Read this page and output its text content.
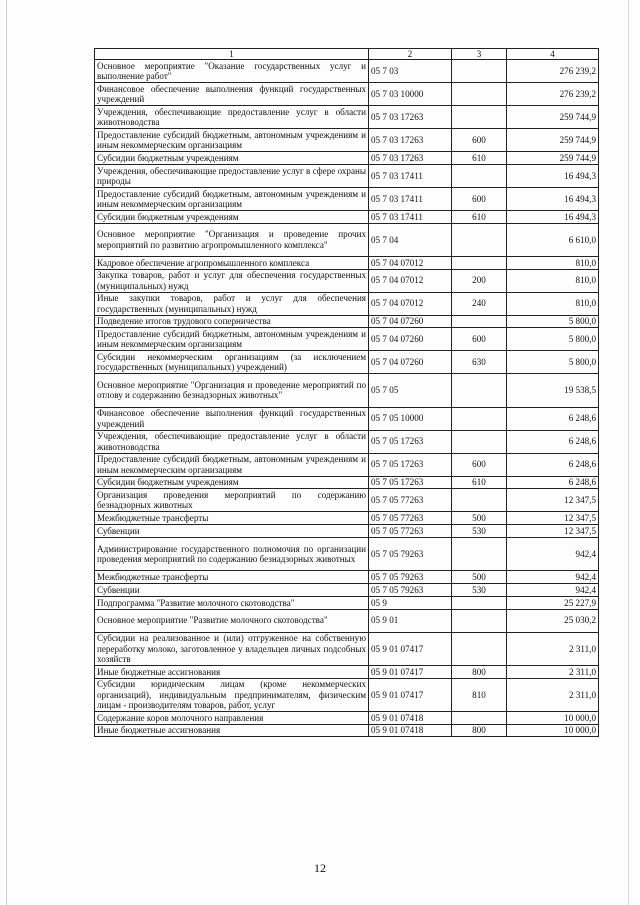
1	2	3	4
Основное мероприятие "Оказание государственных услуг и выполнение работ"	05 7 03		276 239,2
Финансовое обеспечение выполнения функций государственных учреждений	05 7 03 10000		276 239,2
Учреждения, обеспечивающие предоставление услуг в области животноводства	05 7 03 17263		259 744,9
Предоставление субсидий бюджетным, автономным учреждениям и иным некоммерческим организациям	05 7 03 17263	600	259 744,9
Субсидии бюджетным учреждениям	05 7 03 17263	610	259 744,9
Учреждения, обеспечивающие предоставление услуг в сфере охраны природы	05 7 03 17411		16 494,3
Предоставление субсидий бюджетным, автономным учреждениям и иным некоммерческим организациям	05 7 03 17411	600	16 494,3
Субсидии бюджетным учреждениям	05 7 03 17411	610	16 494,3
Основное мероприятие "Организация и проведение прочих мероприятий по развитию агропромышленного комплекса"	05 7 04		6 610,0
Кадровое обеспечение агропромышленного комплекса	05 7 04 07012		810,0
Закупка товаров, работ и услуг для обеспечения государственных (муниципальных) нужд	05 7 04 07012	200	810,0
Иные закупки товаров, работ и услуг для обеспечения государственных (муниципальных) нужд	05 7 04 07012	240	810,0
Подведение итогов трудового соперничества	05 7 04 07260		5 800,0
Предоставление субсидий бюджетным, автономным учреждениям и иным некоммерческим организациям	05 7 04 07260	600	5 800,0
Субсидии некоммерческим организациям (за исключением государственных (муниципальных) учреждений)	05 7 04 07260	630	5 800,0
Основное мероприятие "Организация и проведение мероприятий по отлову и содержанию безнадзорных животных"	05 7 05		19 538,5
Финансовое обеспечение выполнения функций государственных учреждений	05 7 05 10000		6 248,6
Учреждения, обеспечивающие предоставление услуг в области животноводства	05 7 05 17263		6 248,6
Предоставление субсидий бюджетным, автономным учреждениям и иным некоммерческим организациям	05 7 05 17263	600	6 248,6
Субсидии бюджетным учреждениям	05 7 05 17263	610	6 248,6
Организация проведения мероприятий по содержанию безнадзорных животных	05 7 05 77263		12 347,5
Межбюджетные трансферты	05 7 05 77263	500	12 347,5
Субвенции	05 7 05 77263	530	12 347,5
Администрирование государственного полномочия по организации проведения мероприятий по содержанию безнадзорных животных	05 7 05 79263		942,4
Межбюджетные трансферты	05 7 05 79263	500	942,4
Субвенции	05 7 05 79263	530	942,4
Подпрограмма "Развитие молочного скотоводства"	05 9		25 227,9
Основное мероприятие "Развитие молочного скотоводства"	05 9 01		25 030,2
Субсидии на реализованное и (или) отгруженное на собственную переработку молоко, заготовленное у владельцев личных подсобных хозяйств	05 9 01 07417		2 311,0
Иные бюджетные ассигнования	05 9 01 07417	800	2 311,0
Субсидии юридическим лицам (кроме некоммерческих организаций), индивидуальным предпринимателям, физическим лицам - производителям товаров, работ, услуг	05 9 01 07417	810	2 311,0
Содержание коров молочного направления	05 9 01 07418		10 000,0
Иные бюджетные ассигнования	05 9 01 07418	800	10 000,0
12
